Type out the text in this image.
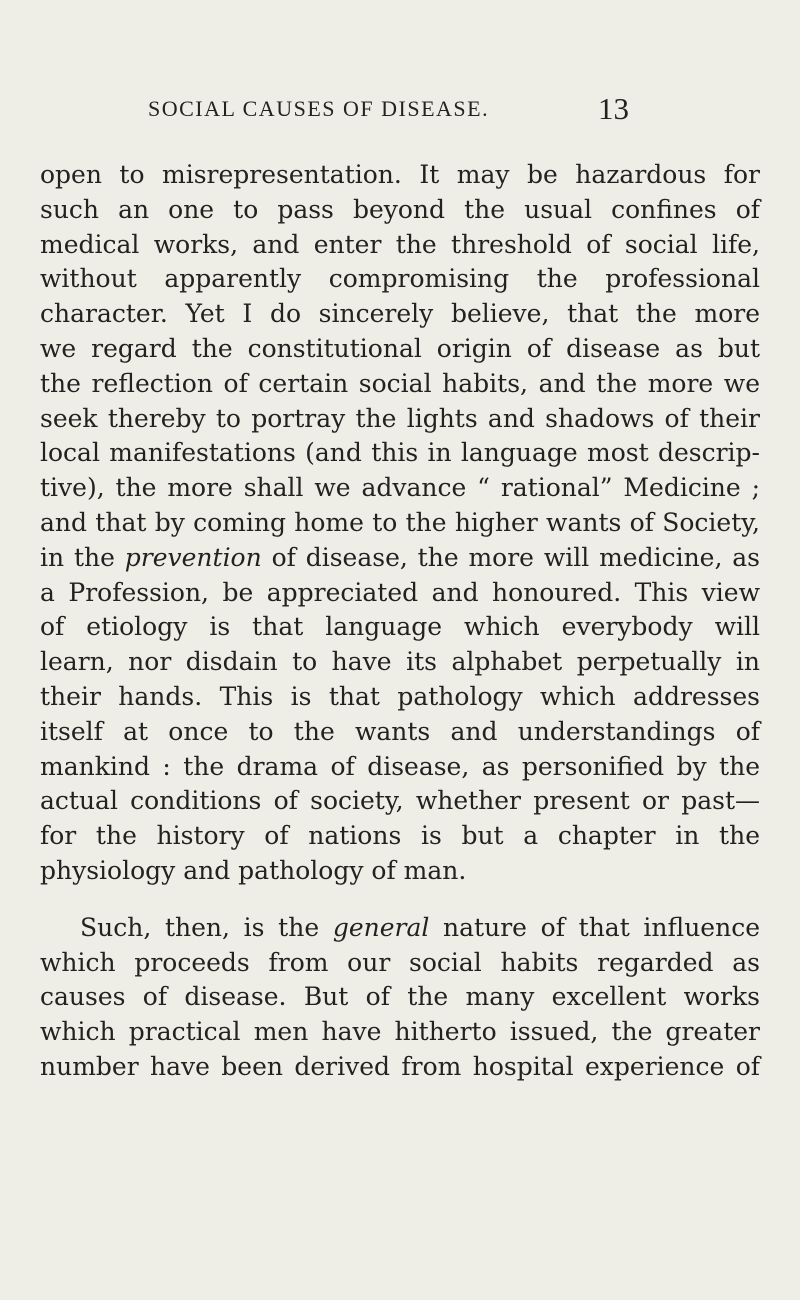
SOCIAL CAUSES OF DISEASE.	13
open to misrepresentation. It may be hazardous for
such an one to pass beyond the usual confines of
medical works, and enter the threshold of social life,
without apparently compromising the professional
character. Yet I do sincerely believe, that the more
we regard the constitutional origin of disease as but
the reflection of certain social habits, and the more we
seek thereby to portray the lights and shadows of their
local manifestations (and this in language most descrip-
tive), the more shall we advance “ rational” Medicine ;
and that by coming home to the higher wants of Society,
in the prevention of disease, the more will medicine, as
a Profession, be appreciated and honoured. This view
of etiology is that language which everybody will
learn, nor disdain to have its alphabet perpetually in
their hands. This is that pathology which addresses
itself at once to the wants and understandings of
mankind : the drama of disease, as personified by the
actual conditions of society, whether present or past—
for the history of nations is but a chapter in the
physiology and pathology of man.
Such, then, is the general nature of that influence
which proceeds from our social habits regarded as
causes of disease. But of the many excellent works
which practical men have hitherto issued, the greater
number have been derived from hospital experience of
